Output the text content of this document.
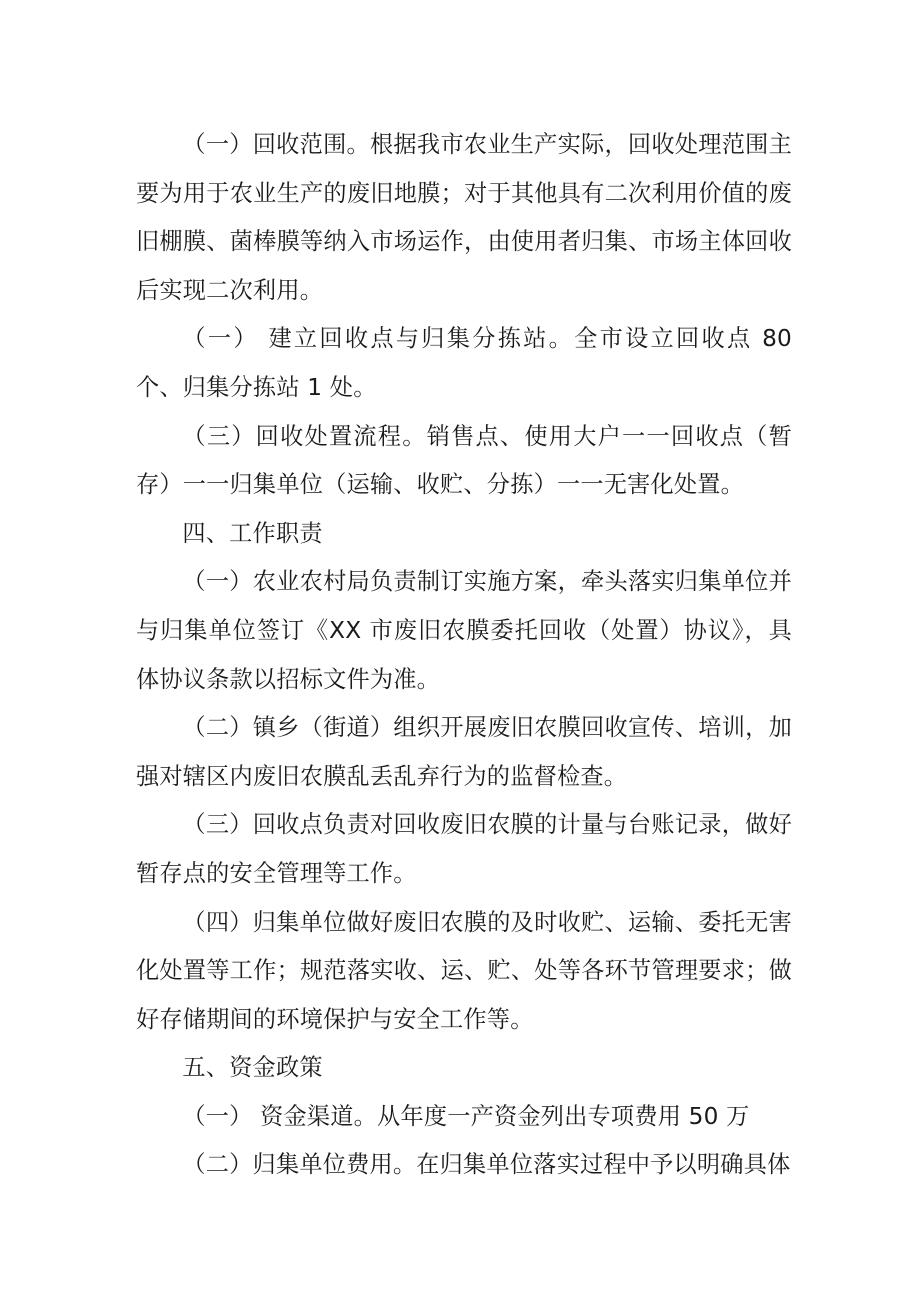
（一）回收范围。根据我市农业生产实际，回收处理范围主要为用于农业生产的废旧地膜；对于其他具有二次利用价值的废旧棚膜、菌棒膜等纳入市场运作，由使用者归集、市场主体回收后实现二次利用。

（一） 建立回收点与归集分拣站。全市设立回收点 80 个、归集分拣站 1 处。

（三）回收处置流程。销售点、使用大户一一回收点（暂存）一一归集单位（运输、收贮、分拣）一一无害化处置。

四、工作职责

（一）农业农村局负责制订实施方案，牵头落实归集单位并与归集单位签订《XX 市废旧农膜委托回收（处置）协议》，具体协议条款以招标文件为准。

（二）镇乡（街道）组织开展废旧农膜回收宣传、培训，加强对辖区内废旧农膜乱丢乱弃行为的监督检查。

（三）回收点负责对回收废旧农膜的计量与台账记录，做好暂存点的安全管理等工作。

（四）归集单位做好废旧农膜的及时收贮、运输、委托无害化处置等工作；规范落实收、运、贮、处等各环节管理要求；做好存储期间的环境保护与安全工作等。

五、资金政策

（一） 资金渠道。从年度一产资金列出专项费用 50 万

（二）归集单位费用。在归集单位落实过程中予以明确具体
